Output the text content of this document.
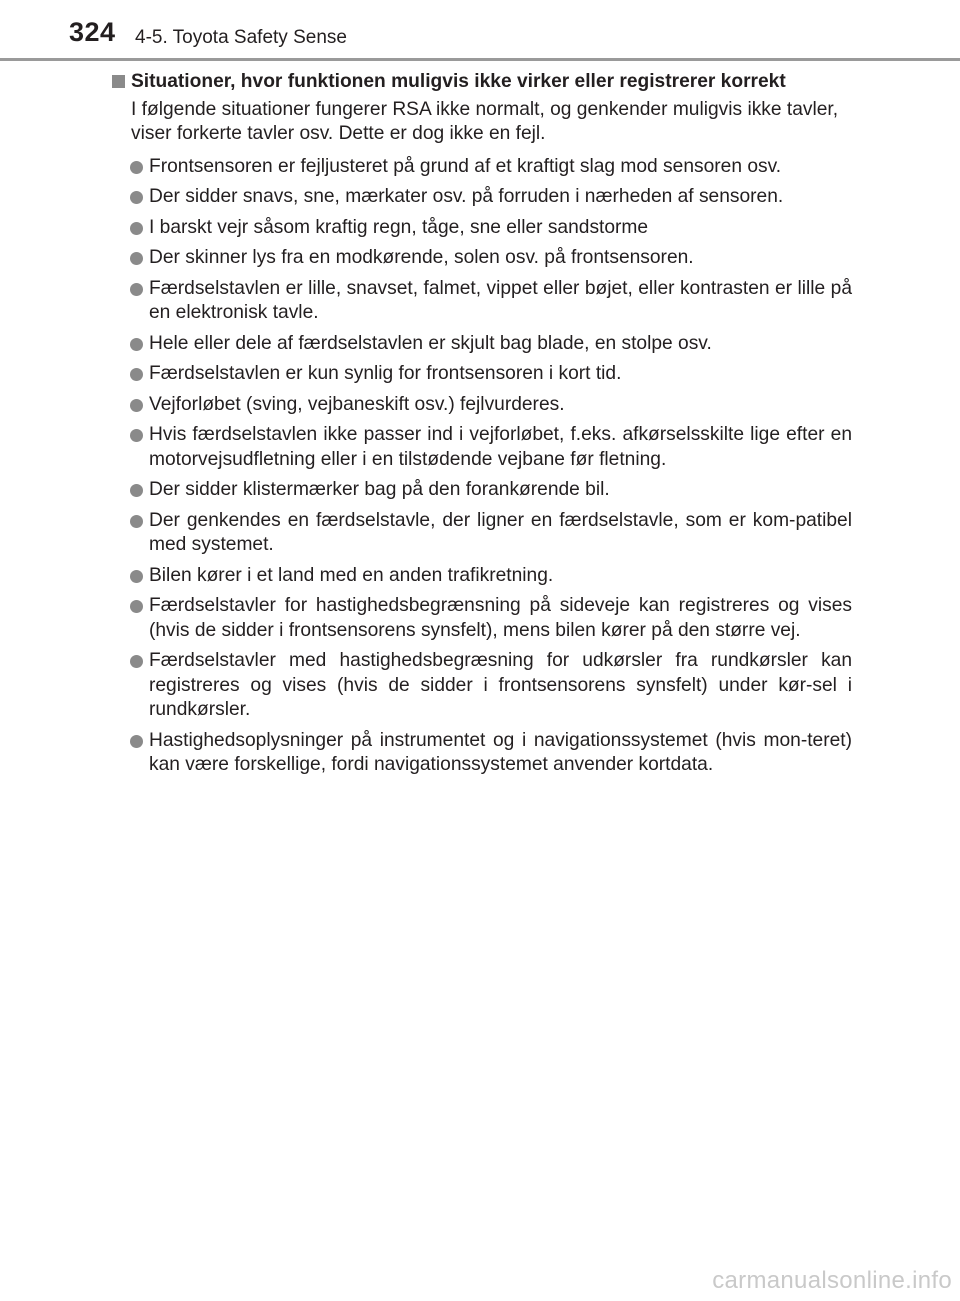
324 4-5. Toyota Safety Sense
Situationer, hvor funktionen muligvis ikke virker eller registrerer korrekt
I følgende situationer fungerer RSA ikke normalt, og genkender muligvis ikke tavler, viser forkerte tavler osv. Dette er dog ikke en fejl.
Frontsensoren er fejljusteret på grund af et kraftigt slag mod sensoren osv.
Der sidder snavs, sne, mærkater osv. på forruden i nærheden af sensoren.
I barskt vejr såsom kraftig regn, tåge, sne eller sandstorme
Der skinner lys fra en modkørende, solen osv. på frontsensoren.
Færdselstavlen er lille, snavset, falmet, vippet eller bøjet, eller kontrasten er lille på en elektronisk tavle.
Hele eller dele af færdselstavlen er skjult bag blade, en stolpe osv.
Færdselstavlen er kun synlig for frontsensoren i kort tid.
Vejforløbet (sving, vejbaneskift osv.) fejlvurderes.
Hvis færdselstavlen ikke passer ind i vejforløbet, f.eks. afkørselsskilte lige efter en motorvejsudfletning eller i en tilstødende vejbane før fletning.
Der sidder klistermærker bag på den forankørende bil.
Der genkendes en færdselstavle, der ligner en færdselstavle, som er kom-patibel med systemet.
Bilen kører i et land med en anden trafikretning.
Færdselstavler for hastighedsbegrænsning på sideveje kan registreres og vises (hvis de sidder i frontsensorens synsfelt), mens bilen kører på den større vej.
Færdselstavler med hastighedsbegræsning for udkørsler fra rundkørsler kan registreres og vises (hvis de sidder i frontsensorens synsfelt) under kør-sel i rundkørsler.
Hastighedsoplysninger på instrumentet og i navigationssystemet (hvis mon-teret) kan være forskellige, fordi navigationssystemet anvender kortdata.
carmanualsonline.info
